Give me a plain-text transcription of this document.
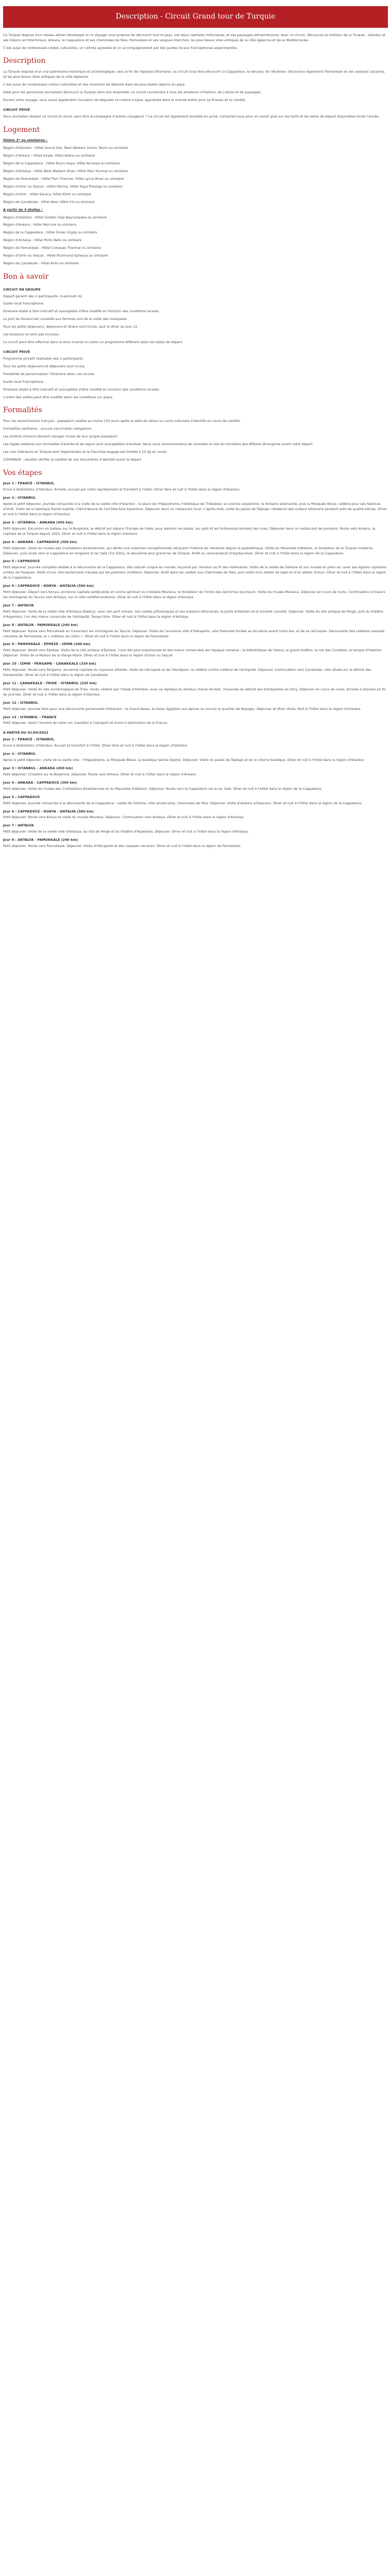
Description - Circuit Grand tour de Turquie

Ce Turquie dispose d'un réseau aérien développé et ce Voyage vous propose de découvrir tout le pays, ses deux capitales historiques, et ses paysages extraordinaires. Avec ce circuit, découvrez le meilleur de la Turquie : Istanbul et ses trésors architecturaux, Ankara, la Cappadoce et ses cheminées de fées, Pamukkale et ses vasques blanches, les plus beaux sites antiques de la côte égéenne et de la Méditerranée.

C'est aussi de nombreuses visites culturelles, un rythme agréable et un accompagnement par des guides locaux francophones expérimentés.

Description

La Turquie dispose d'un vrai patrimoine historique et archéologique, vers la fin de l'époque Ottomane, ce circuit vous fera découvrir la Cappadoce, le berceau de l'Anatolie. Découvrez également Pamukkale et ses vasques calcaires, et les plus beaux sites antiques de la côte égéenne.

C'est aussi de nombreuses visites culturelles et des moments de détente dans les plus belles régions du pays.

Idéal pour les personnes souhaitant découvrir la Turquie dans son ensemble, ce circuit conviendra à tous les amateurs d'histoire, de culture et de paysages.

Durant votre voyage, vous aurez également l'occasion de déguster la cuisine turque, appréciée dans le monde entier pour sa finesse et sa variété.

CIRCUIT PRIVÉ

Vous souhaitez réaliser ce circuit en privé, sans être accompagné d'autres voyageurs ? Ce circuit est également possible en privé, contactez-nous pour en savoir plus sur les tarifs et les dates de départ disponibles toute l'année.

Logement

Hôtels 3* ou similaires :

Région d'Istanbul : Hôtel Grand Ons, Best Western Eresin Taxim ou similaire

Région d'Ankara : Hôtel Ickale, Hôtel Aldino ou similaire

Région de la Cappadoce : Hôtel Burcu Kaya, Hôtel Avrasya ou similaire

Région d'Antalya : Hôtel Best Western Khan, Hôtel Mavi Kumsal ou similaire

Région de Pamukkale : Hôtel Pam Thermal, Hôtel Lycus River ou similaire

Région d'Izmir ou Selçuk : Hôtel Marina, Hôtel Kaya Prestige ou similaire

Région d'Izmir : Hôtel Karaca, Hôtel Kilim ou similaire

Région de Çanakkale : Hôtel Akol, Hôtel Iris ou similaire

À partir de 4 étoiles :

Région d'Istanbul : Hôtel Golden Tulip Bayrampasa ou similaire

Région d'Ankara : Hôtel Mercure ou similaire

Région de la Cappadoce : Hôtel Dinler Ürgüp ou similaire

Région d'Antalya : Hôtel Porto Bello ou similaire

Région de Pamukkale : Hôtel Colossae Thermal ou similaire

Région d'Izmir ou Selçuk : Hôtel Richmond Ephesus ou similaire

Région de Çanakkale : Hôtel Kolin ou similaire

Bon à savoir
CIRCUIT EN GROUPE

Départ garanti dès 2 participants, maximum 42.

Guide local francophone.

Itinéraire établi à titre indicatif et susceptible d'être modifié en fonction des conditions locales.

Le port du foulard est conseillé aux femmes lors de la visite des mosquées.

Tous les petits déjeuners, déjeuners et dîners sont inclus, sauf le dîner du jour 12.

Les boissons ne sont pas incluses.

Le circuit peut être effectué dans le sens inverse ou selon un programme différent selon les dates de départ.

CIRCUIT PRIVÉ

Programme privatif réalisable dès 2 participants.

Tous les petits déjeuners et déjeuners sont inclus.

Possibilité de personnaliser l'itinéraire selon vos envies.

Guide local francophone.

Itinéraire établi à titre indicatif et susceptible d'être modifié en fonction des conditions locales.

L'ordre des visites peut être modifié selon les conditions sur place.

Formalités

Pour les ressortissants français : passeport valable au moins 150 jours après la date de retour ou carte nationale d'identité en cours de validité.

Formalités sanitaires : aucune vaccination obligatoire.

Les enfants mineurs doivent voyager munis de leur propre passeport.

Les règles relatives aux formalités d'entrée et de séjour sont susceptibles d'évoluer. Nous vous recommandons de consulter le site du ministère des Affaires étrangères avant votre départ.

Les vols intérieurs en Turquie sont réglementés et la franchise bagage est limitée à 15 kg en soute.

COVERAGE : veuillez vérifier la validité de vos documents d'identité avant le départ.

Vos étapes
Jour 1 : FRANCE - ISTANBUL

Envol à destination d'Istanbul. Arrivée, accueil par notre représentant et transfert à l'hôtel. Dîner libre et nuit à l'hôtel dans la région d'Istanbul.

Jour 2 : ISTANBUL

Après le petit déjeuner, journée consacrée à la visite de la vieille ville d'Istanbul : la place de l'Hippodrome, l'obélisque de Théodose, la colonne serpentine, la fontaine allemande, puis la Mosquée Bleue, célèbre pour ses faïences d'Iznik. Visite de la basilique Sainte-Sophie, chef-d'œuvre de l'architecture byzantine. Déjeuner dans un restaurant local. L'après-midi, visite du palais de Topkapi, résidence des sultans ottomans pendant près de quatre siècles. Dîner et nuit à l'hôtel dans la région d'Istanbul.

Jour 3 : ISTANBUL - ANKARA (450 km)

Petit déjeuner. Excursion en bateau sur le Bosphore, le détroit qui sépare l'Europe de l'Asie, pour admirer les palais, les yalis et les forteresses bordant ses rives. Déjeuner dans un restaurant de poissons. Route vers Ankara, la capitale de la Turquie depuis 1923. Dîner et nuit à l'hôtel dans la région d'Ankara.

Jour 4 : ANKARA - CAPPADOCE (300 km)

Petit déjeuner. Visite du musée des Civilisations Anatoliennes, qui abrite une collection exceptionnelle retraçant l'histoire de l'Anatolie depuis le paléolithique. Visite du Mausolée d'Atatürk, le fondateur de la Turquie moderne. Déjeuner, puis route vers la Cappadoce en longeant le lac Salé (Tuz Gölü), le deuxième plus grand lac de Turquie. Arrêt au caravansérail d'Agzikarahan. Dîner et nuit à l'hôtel dans la région de la Cappadoce.

Jour 5 : CAPPADOCE

Petit déjeuner. Journée complète dédiée à la découverte de la Cappadoce, site naturel unique au monde, façonné par l'érosion au fil des millénaires. Visite de la vallée de Göreme et son musée en plein air, avec ses églises rupestres ornées de fresques. Visite d'une ville souterraine creusée par les premiers chrétiens. Déjeuner. Arrêt dans les vallées aux cheminées de fées, puis visite d'un atelier de tapis et d'un atelier d'onyx. Dîner et nuit à l'hôtel dans la région de la Cappadoce.

Jour 6 : CAPPADOCE - KONYA - ANTALYA (560 km)

Petit déjeuner. Départ vers Konya, ancienne capitale seldjoukide et centre spirituel où s'installa Mevlana, le fondateur de l'ordre des derviches tourneurs. Visite du musée Mevlana. Déjeuner en cours de route. Continuation à travers les montagnes du Taurus vers Antalya, sur la côte méditerranéenne. Dîner et nuit à l'hôtel dans la région d'Antalya.

Jour 7 : ANTALYA

Petit déjeuner. Visite de la vieille ville d'Antalya (Kaleiçi), avec son port romain, ses ruelles pittoresques et ses maisons ottomanes, la porte d'Hadrien et le minaret cannelé. Déjeuner. Visite du site antique de Pergé, puis du théâtre d'Aspendos, l'un des mieux conservés de l'Antiquité. Temps libre. Dîner et nuit à l'hôtel dans la région d'Antalya.

Jour 8 : ANTALYA - PAMUKKALE (240 km)

Petit déjeuner. Route vers Pamukkale en traversant les montagnes du Taurus. Déjeuner. Visite de l'ancienne ville d'Hiérapolis, ville thermale fondée au IIe siècle avant notre ère, et de sa nécropole. Découverte des célèbres vasques calcaires de Pamukkale, le « château de coton ». Dîner et nuit à l'hôtel dans la région de Pamukkale.

Jour 9 : PAMUKKALE - ÉPHÈSE - IZMIR (260 km)

Petit déjeuner. Route vers Éphèse. Visite de la cité antique d'Éphèse, l'une des plus importantes et des mieux conservées de l'époque romaine : la bibliothèque de Celsus, le grand théâtre, la rue des Courètes, le temple d'Hadrien. Déjeuner. Visite de la Maison de la Vierge Marie. Dîner et nuit à l'hôtel dans la région d'Izmir ou Selçuk.

Jour 10 : IZMIR - PERGAME - ÇANAKKALE (330 km)

Petit déjeuner. Route vers Pergame, ancienne capitale du royaume attalide. Visite de l'Acropole et de l'Asclépion, le célèbre centre médical de l'Antiquité. Déjeuner. Continuation vers Çanakkale, ville située sur le détroit des Dardanelles. Dîner et nuit à l'hôtel dans la région de Çanakkale.

Jour 11 : ÇANAKKALE - TROIE - ISTANBUL (320 km)

Petit déjeuner. Visite du site archéologique de Troie, rendu célèbre par l'Iliade d'Homère, avec sa réplique du fameux cheval de bois. Traversée du détroit des Dardanelles en ferry. Déjeuner en cours de route. Arrivée à Istanbul en fin de journée. Dîner et nuit à l'hôtel dans la région d'Istanbul.

Jour 12 : ISTANBUL

Petit déjeuner. Journée libre pour une découverte personnelle d'Istanbul : le Grand Bazar, le bazar égyptien aux épices ou encore le quartier de Beyoglu. Déjeuner et dîner libres. Nuit à l'hôtel dans la région d'Istanbul.

Jour 13 : ISTANBUL - FRANCE

Petit déjeuner. Selon l'horaire de votre vol, transfert à l'aéroport et envol à destination de la France.

À PARTIR DU 01/04/2022
Jour 1 : FRANCE - ISTANBUL

Envol à destination d'Istanbul. Accueil et transfert à l'hôtel. Dîner libre et nuit à l'hôtel dans la région d'Istanbul.

Jour 2 : ISTANBUL

Après le petit déjeuner, visite de la vieille ville : l'Hippodrome, la Mosquée Bleue, la basilique Sainte-Sophie. Déjeuner. Visite du palais de Topkapi et de la citerne basilique. Dîner et nuit à l'hôtel dans la région d'Istanbul.

Jour 3 : ISTANBUL - ANKARA (450 km)

Petit déjeuner. Croisière sur le Bosphore. Déjeuner. Route vers Ankara. Dîner et nuit à l'hôtel dans la région d'Ankara.

Jour 4 : ANKARA - CAPPADOCE (300 km)

Petit déjeuner. Visite du musée des Civilisations Anatoliennes et du Mausolée d'Atatürk. Déjeuner. Route vers la Cappadoce via le lac Salé. Dîner et nuit à l'hôtel dans la région de la Cappadoce.

Jour 5 : CAPPADOCE

Petit déjeuner. Journée consacrée à la découverte de la Cappadoce : vallée de Göreme, ville souterraine, cheminées de fées. Déjeuner. Visite d'ateliers artisanaux. Dîner et nuit à l'hôtel dans la région de la Cappadoce.

Jour 6 : CAPPADOCE - KONYA - ANTALYA (560 km)

Petit déjeuner. Route vers Konya et visite du musée Mevlana. Déjeuner. Continuation vers Antalya. Dîner et nuit à l'hôtel dans la région d'Antalya.

Jour 7 : ANTALYA

Petit déjeuner. Visite de la vieille ville d'Antalya, du site de Pergé et du théâtre d'Aspendos. Déjeuner. Dîner et nuit à l'hôtel dans la région d'Antalya.

Jour 8 : ANTALYA - PAMUKKALE (240 km)

Petit déjeuner. Route vers Pamukkale. Déjeuner. Visite d'Hiérapolis et des vasques calcaires. Dîner et nuit à l'hôtel dans la région de Pamukkale.
